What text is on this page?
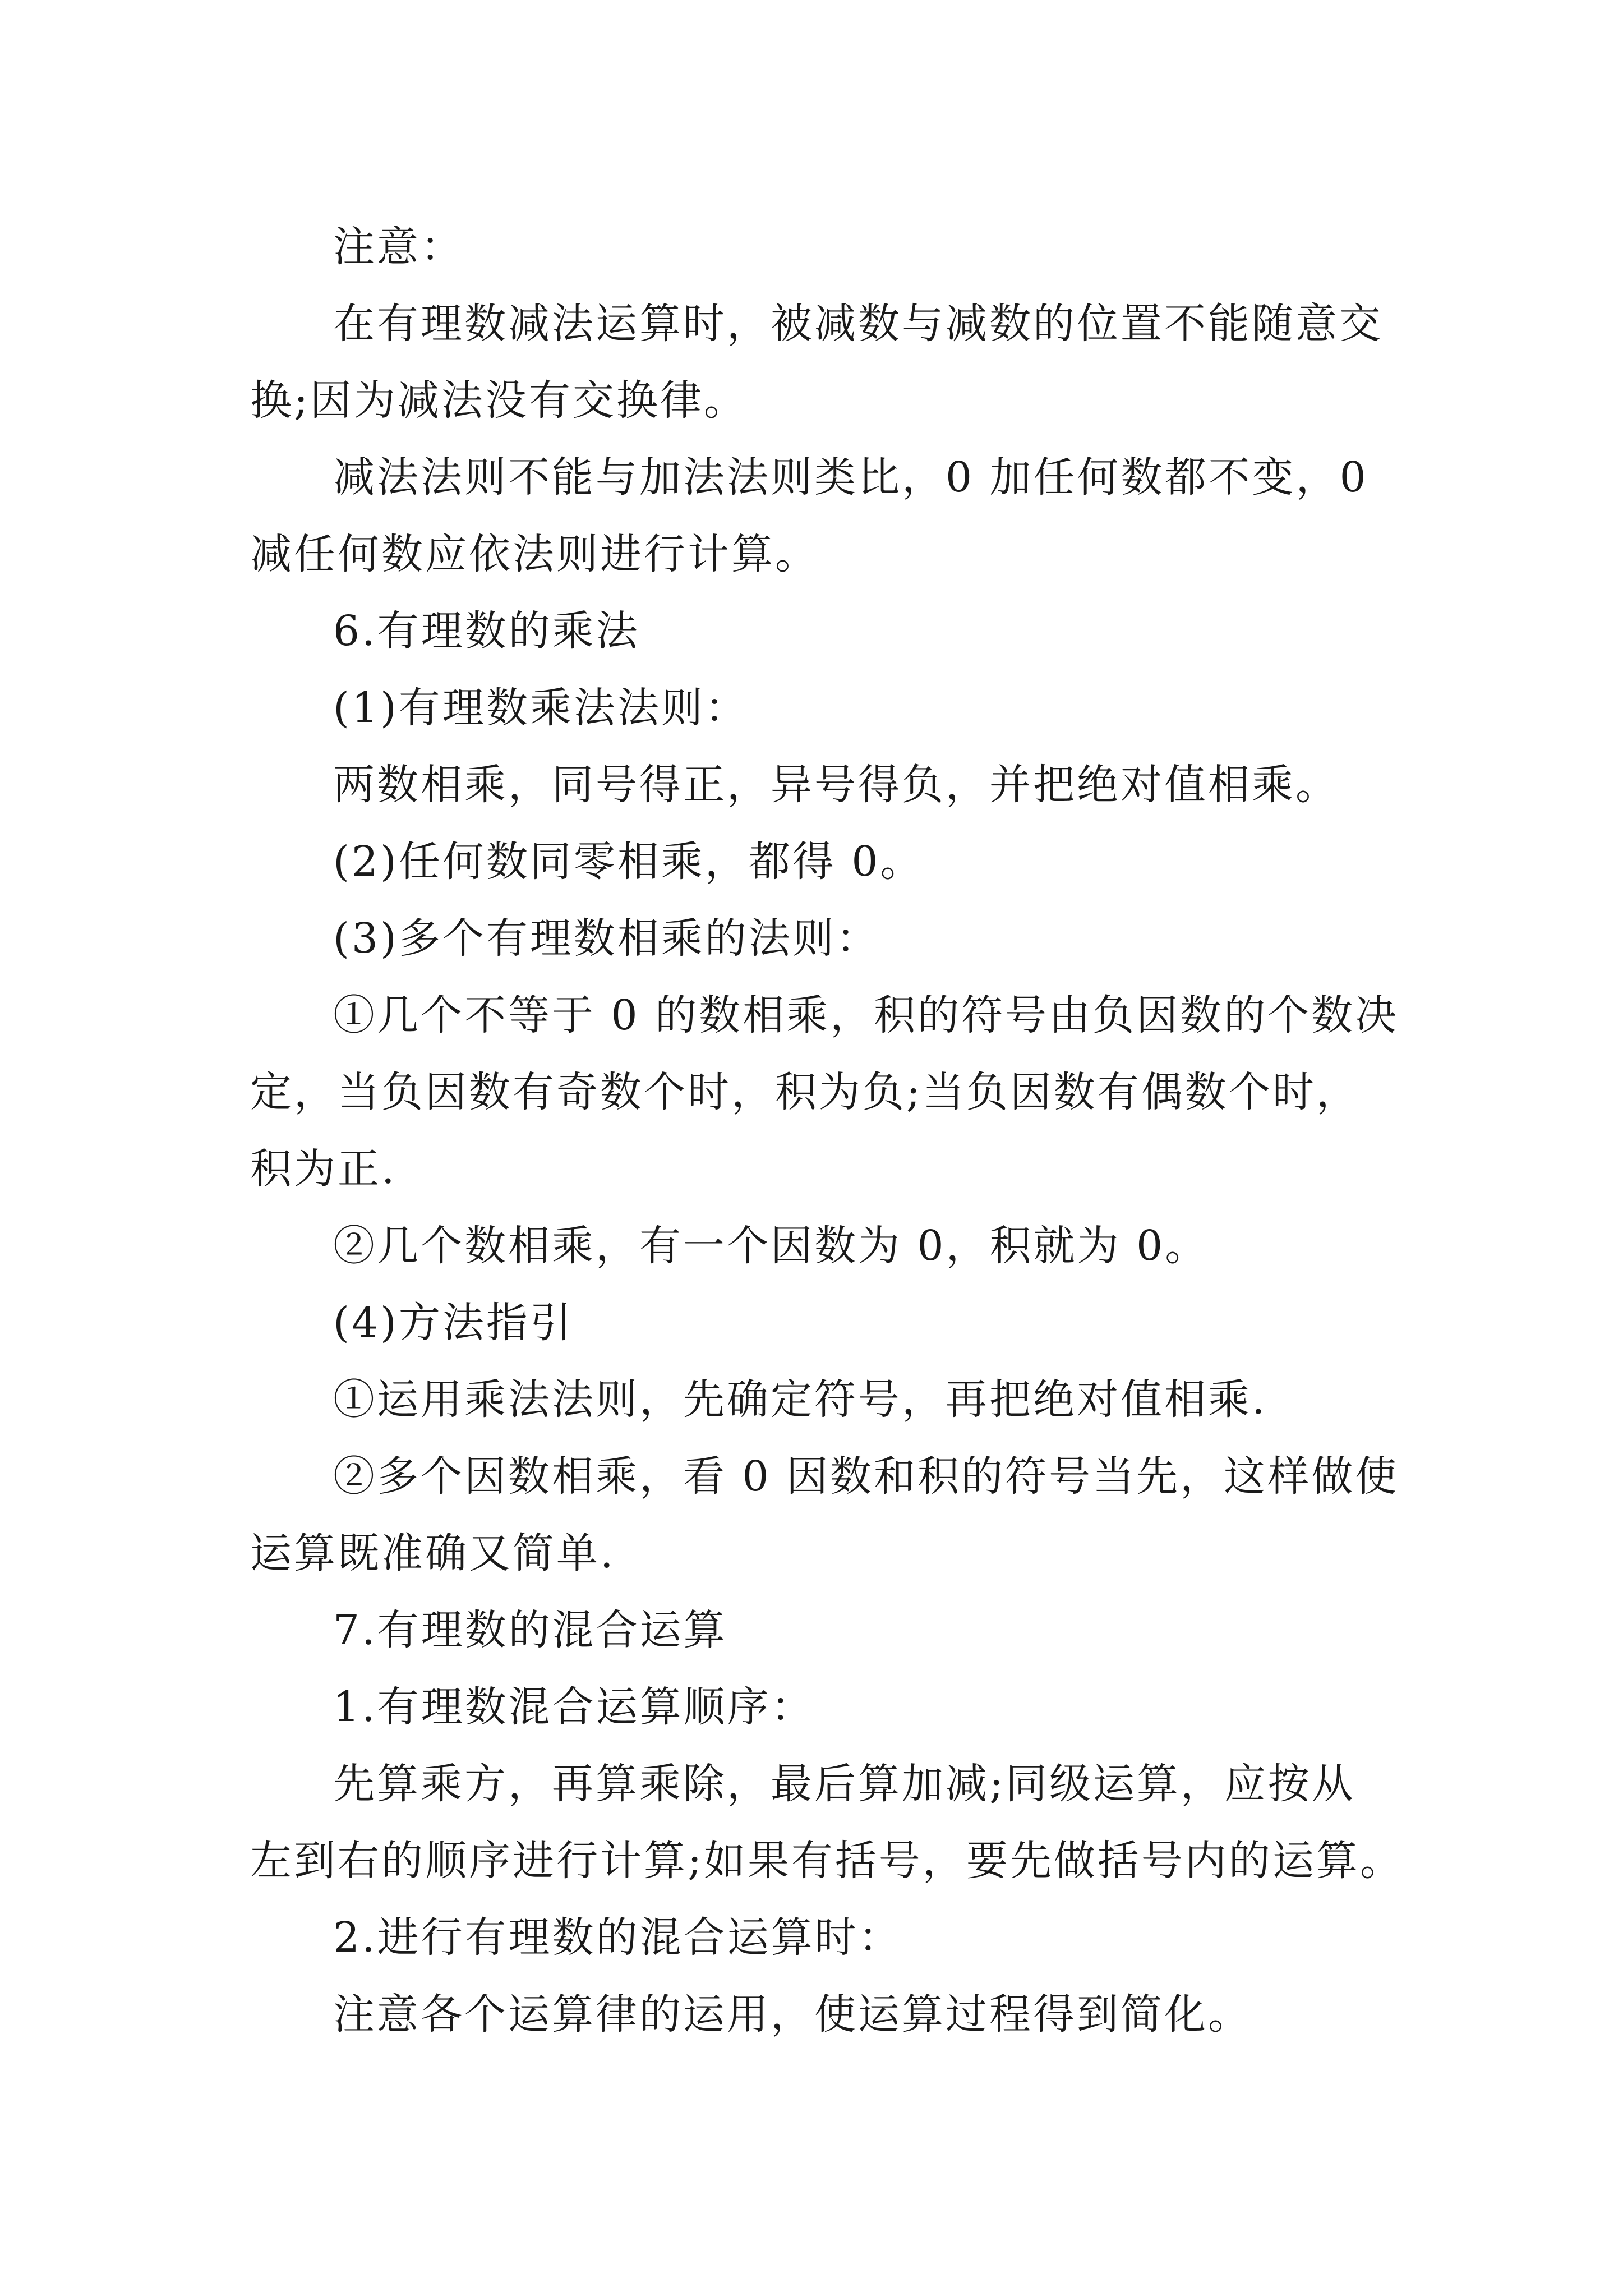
注意：
在有理数减法运算时，被减数与减数的位置不能随意交
换;因为减法没有交换律。
减法法则不能与加法法则类比，0 加任何数都不变，0
减任何数应依法则进行计算。
6.有理数的乘法
(1)有理数乘法法则：
两数相乘，同号得正，异号得负，并把绝对值相乘。
(2)任何数同零相乘，都得 0。
(3)多个有理数相乘的法则：
①几个不等于 0 的数相乘，积的符号由负因数的个数决
定，当负因数有奇数个时，积为负;当负因数有偶数个时，
积为正.
②几个数相乘，有一个因数为 0，积就为 0。
(4)方法指引
①运用乘法法则，先确定符号，再把绝对值相乘.
②多个因数相乘，看 0 因数和积的符号当先，这样做使
运算既准确又简单.
7.有理数的混合运算
1.有理数混合运算顺序：
先算乘方，再算乘除，最后算加减;同级运算，应按从
左到右的顺序进行计算;如果有括号，要先做括号内的运算。
2.进行有理数的混合运算时：
注意各个运算律的运用，使运算过程得到简化。
